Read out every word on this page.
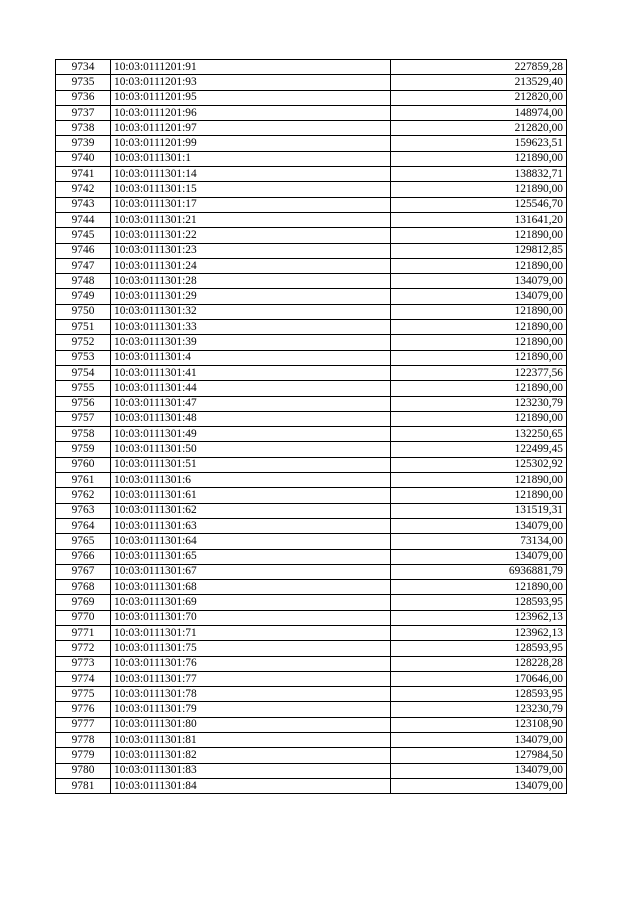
9734	10:03:0111201:91	227859,28
9735	10:03:0111201:93	213529,40
9736	10:03:0111201:95	212820,00
9737	10:03:0111201:96	148974,00
9738	10:03:0111201:97	212820,00
9739	10:03:0111201:99	159623,51
9740	10:03:0111301:1	121890,00
9741	10:03:0111301:14	138832,71
9742	10:03:0111301:15	121890,00
9743	10:03:0111301:17	125546,70
9744	10:03:0111301:21	131641,20
9745	10:03:0111301:22	121890,00
9746	10:03:0111301:23	129812,85
9747	10:03:0111301:24	121890,00
9748	10:03:0111301:28	134079,00
9749	10:03:0111301:29	134079,00
9750	10:03:0111301:32	121890,00
9751	10:03:0111301:33	121890,00
9752	10:03:0111301:39	121890,00
9753	10:03:0111301:4	121890,00
9754	10:03:0111301:41	122377,56
9755	10:03:0111301:44	121890,00
9756	10:03:0111301:47	123230,79
9757	10:03:0111301:48	121890,00
9758	10:03:0111301:49	132250,65
9759	10:03:0111301:50	122499,45
9760	10:03:0111301:51	125302,92
9761	10:03:0111301:6	121890,00
9762	10:03:0111301:61	121890,00
9763	10:03:0111301:62	131519,31
9764	10:03:0111301:63	134079,00
9765	10:03:0111301:64	73134,00
9766	10:03:0111301:65	134079,00
9767	10:03:0111301:67	6936881,79
9768	10:03:0111301:68	121890,00
9769	10:03:0111301:69	128593,95
9770	10:03:0111301:70	123962,13
9771	10:03:0111301:71	123962,13
9772	10:03:0111301:75	128593,95
9773	10:03:0111301:76	128228,28
9774	10:03:0111301:77	170646,00
9775	10:03:0111301:78	128593,95
9776	10:03:0111301:79	123230,79
9777	10:03:0111301:80	123108,90
9778	10:03:0111301:81	134079,00
9779	10:03:0111301:82	127984,50
9780	10:03:0111301:83	134079,00
9781	10:03:0111301:84	134079,00
